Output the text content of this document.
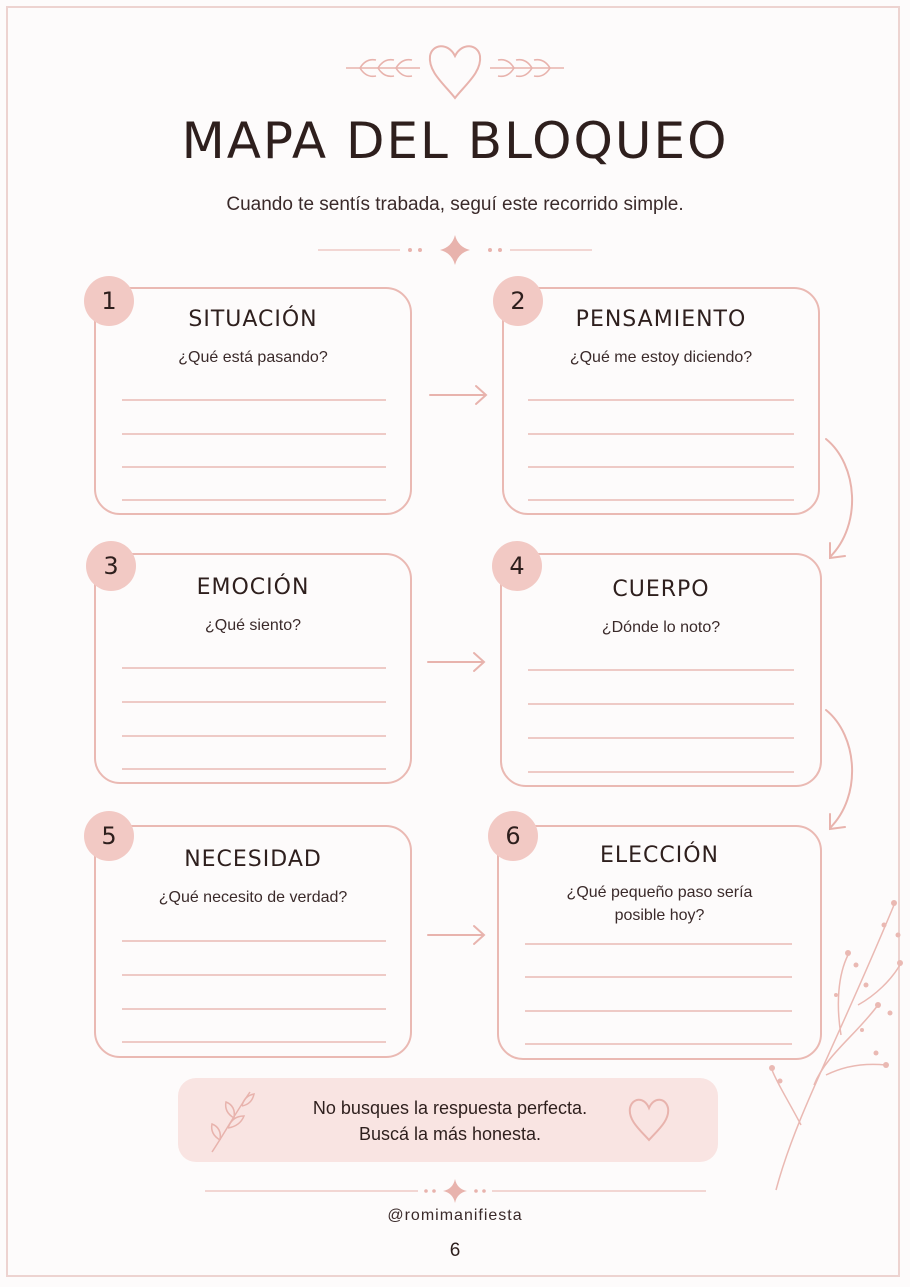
MAPA DEL BLOQUEO
Cuando te sentís trabada, seguí este recorrido simple.
SITUACIÓN
¿Qué está pasando?
1
PENSAMIENTO
¿Qué me estoy diciendo?
2
EMOCIÓN
¿Qué siento?
3
CUERPO
¿Dónde lo noto?
4
NECESIDAD
¿Qué necesito de verdad?
5
ELECCIÓN
¿Qué pequeño paso sería
posible hoy?
6
No busques la respuesta perfecta.
Buscá la más honesta.
@romimanifiesta
6
